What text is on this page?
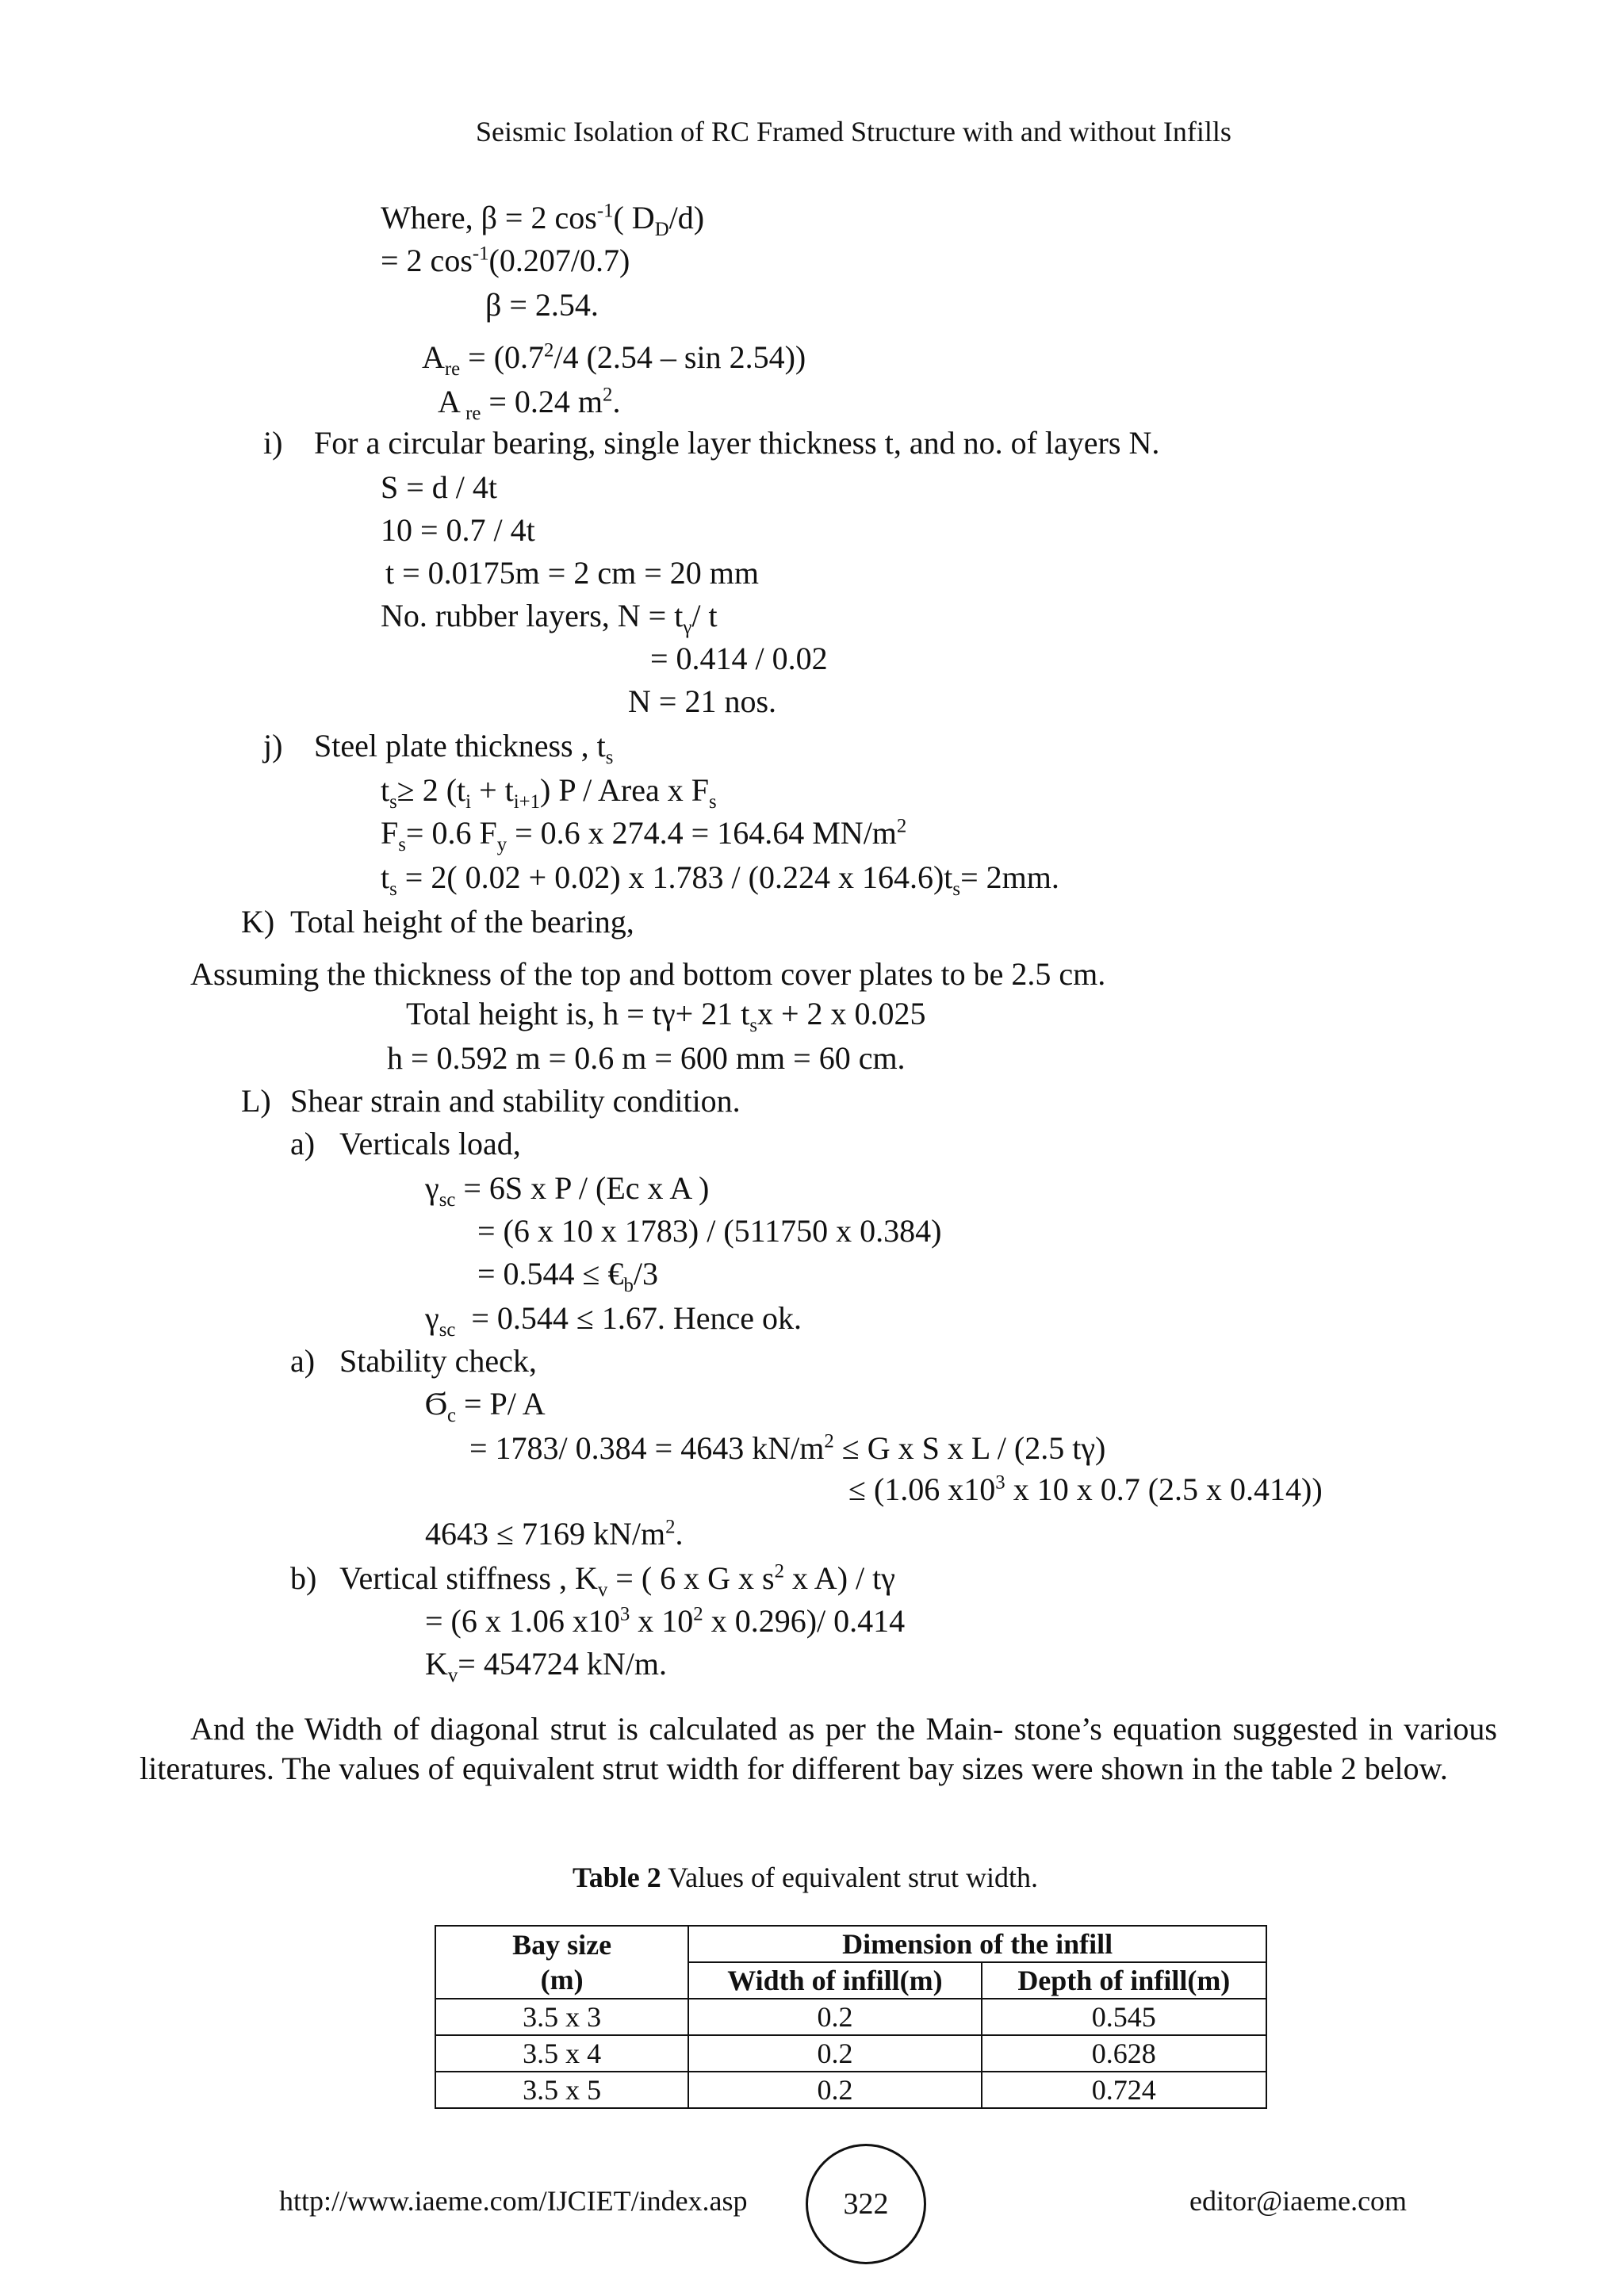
Seismic Isolation of RC Framed Structure with and without Infills
Where, β = 2 $\cos^{-1}$( $D_D/d$)
= 2 $\cos^{-1}(0.207/0.7)$
β = 2.54.
$A_{re} = (0.7^2/4$ (2.54 – sin 2.54))
A $_{re}$ = 0.24 $m^2$.
i) For a circular bearing, single layer thickness t, and no. of layers N.
S = d / 4t
10 = 0.7 / 4t
t = 0.0175m = 2 cm = 20 mm
No. rubber layers, $N = t_\gamma/$ t
= 0.414 / 0.02
N = 21 nos.
j) Steel plate thickness , $t_s$
$t_s\ge 2$ $(t_i + t_{i+1})$ P / Area x $F_s$
$F_s= 0.6$ $F_y = 0.6$ x 274.4 = 164.64 $MN/m^2$
$t_s = 2$( 0.02 + 0.02) x 1.783 / (0.224 x $164.6)t_s= 2mm$.
K) Total height of the bearing,
Assuming the thickness of the top and bottom cover plates to be 2.5 cm.
Total height is, h = tγ+ 21 $t_sx + 2$ x 0.025
h = 0.592 m = 0.6 m = 600 mm = 60 cm.
L) Shear strain and stability condition.
a) Verticals load,
$\gamma_{sc} = 6S$ x P / (Ec x A )
= (6 x 10 x 1783) / (511750 x 0.384)
= $0.544 \le €_b/3$
$\gamma_{sc} = 0.544 \le 1.67$. Hence ok.
a) Stability check,
$Ϭ_c = P/$ A
= 1783/ 0.384 = 4643 $kN/m^2 \le G$ x S x L / (2.5 tγ)
≤ (1.06 $x10^3$ x 10 x 0.7 (2.5 x 0.414))
4643 ≤ 7169 $kN/m^2$.
b) Vertical stiffness , $K_v$ = ( 6 x G x $s^2$ x A) / tγ
= (6 x 1.06 $x10^3$ x $10^2$ x 0.296)/ 0.414
$K_v= 454724$ kN/m.
And the Width of diagonal strut is calculated as per the Main- stone’s equation suggested in various literatures. The values of equivalent strut width for different bay sizes were shown in the table 2 below.
Table 2 Values of equivalent strut width.
Bay size
(m)	Dimension of the infill	
	Width of infill(m)	Depth of infill(m)
3.5 x 3	0.2	0.545
3.5 x 4	0.2	0.628
3.5 x 5	0.2	0.724
http://www.iaeme.com/IJCIET/index.asp	322	editor@iaeme.com
